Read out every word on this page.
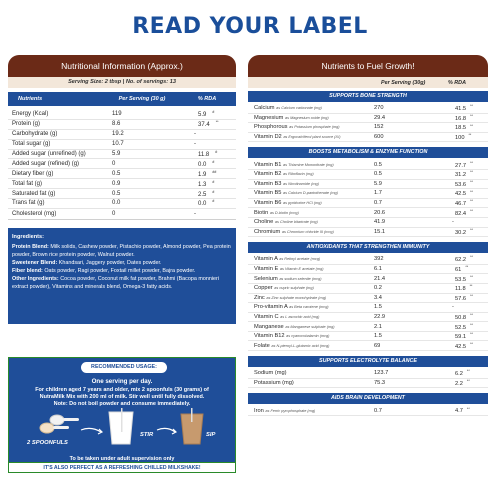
READ YOUR LABEL
Nutritional Information (Approx.)
Serving Size: 2 tbsp | No. of servings: 13
Nutrients	Per Serving (30 g)	% RDA
Energy (Kcal)	119	5.9 #
Protein (g)	8.6	37.4 **
Carbohydrate (g)	19.2	-
Total sugar (g)	10.7	-
Added sugar (unrefined) (g)	5.9	11.8 #
Added sugar (refined) (g)	0	0.0 #
Dietary fiber (g)	0.5	1.9 ##
Total fat (g)	0.9	1.3 #
Saturated fat (g)	0.5	2.5 #
Trans fat (g)	0.0	0.0 #
Cholesterol (mg)	0	-
Ingredients:
Protein Blend: Milk solids, Cashew powder, Pistachio powder, Almond powder, Pea protein powder, Brown rice protein powder, Walnut powder.
Sweetener Blend: Khandsari, Jaggery powder, Dates powder.
Fiber blend: Oats powder, Ragi powder, Foxtail millet powder, Bajra powder.
Other Ingredients: Cocoa powder, Coconut milk fat powder, Brahmi (Bacopa monnieri extract powder), Vitamins and minerals blend, Omega-3 fatty acids.
RECOMMENDED USAGE:
One serving per day.
For children aged 7 years and older, mix 2 spoonfuls (30 grams) of
NutraMilk Mix with 200 ml of milk. Stir well until fully dissolved.
Note: Do not boil powder and consume immediately.
2 SPOONFULS
STIR	SIP
To be taken under adult supervision only
IT'S ALSO PERFECT AS A REFRESHING CHILLED MILKSHAKE!
Nutrients to Fuel Growth!
Per Serving (30g)	% RDA
SUPPORTS BONE STRENGTH
Calcium as Calcium carbonate (mg)	270	41.5 **
Magnesium as Magnesium oxide (mg)	29.4	16.8 **
Phosphorous as Potassium phosphate (mg)	152	18.5 **
Vitamin D2 as Ergocalciferol plant source (IU)	600	100 **
BOOSTS METABOLISM & ENZYME FUNCTION
Vitamin B1 as Thiamine Mononitrate (mg)	0.5	27.7 **
Vitamin B2 as Riboflavin (mg)	0.5	31.2 **
Vitamin B3 as Nicotinamide (mg)	5.9	53.6 **
Vitamin B5 as Calcium D-pantothenate (mg)	1.7	42.5 **
Vitamin B6 as pyridoxine HCl (mg)	0.7	46.7 **
Biotin as D-biotin (mcg)	20.6	82.4 **
Choline as Choline bitartrate (mg)	41.9	-
Chromium as Chromium chloride III (mcg)	15.1	30.2 **
ANTIOXIDANTS THAT STRENGTHEN IMMUNITY
Vitamin A as Retinyl acetate (mcg)	392	62.2 **
Vitamin E as Vitamin E acetate (mg)	6.1	61 **
Selenium as sodium selenite (mcg)	21.4	53.5 **
Copper as cupric sulphate (mg)	0.2	11.8 **
Zinc as Zinc sulphate monohydrate (mg)	3.4	57.6 **
Pro-vitamin A as Beta carotene (mcg)	1.5	-
Vitamin C as L ascorbic acid (mg)	22.9	50.8 **
Manganese as Manganese sulphate (mg)	2.1	52.5 **
Vitamin B12 as cyanocobalamin (mcg)	1.5	59.1 **
Folate as N-pteroyl-L-glutamic acid (mcg)	69	42.5 **
SUPPORTS ELECTROLYTE BALANCE
Sodium (mg)	123.7	6.2 **
Potassium (mg)	75.3	2.2 **
AIDS BRAIN DEVELOPMENT
Iron as Ferric pyrophosphate (mg)	0.7	4.7 **
